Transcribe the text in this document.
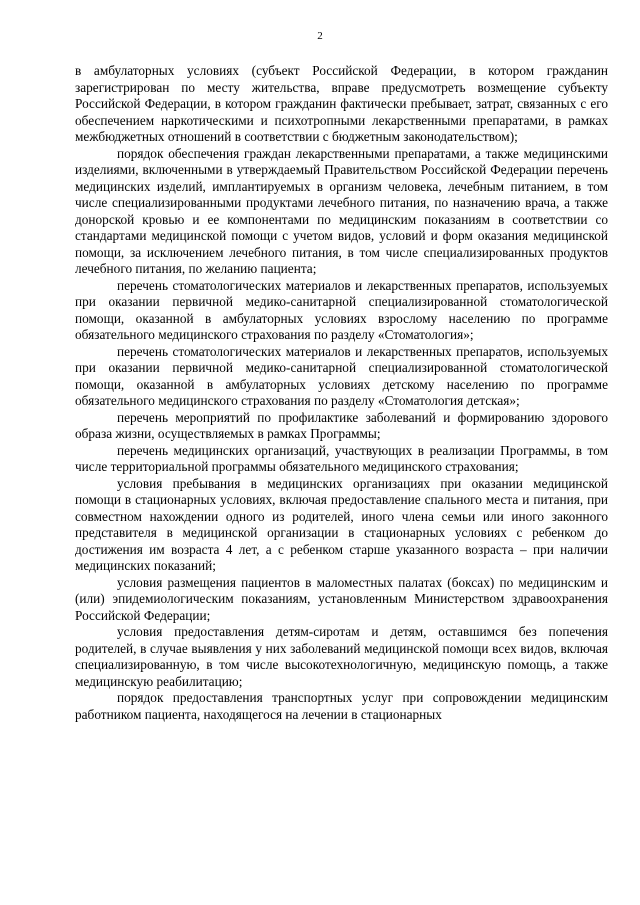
2

в амбулаторных условиях (субъект Российской Федерации, в котором гражданин зарегистрирован по месту жительства, вправе предусмотреть возмещение субъекту Российской Федерации, в котором гражданин фактически пребывает, затрат, связанных с его обеспечением наркотическими и психотропными лекарственными препаратами, в рамках межбюджетных отношений в соответствии с бюджетным законодательством);

порядок обеспечения граждан лекарственными препаратами, а также медицинскими изделиями, включенными в утверждаемый Правительством Российской Федерации перечень медицинских изделий, имплантируемых в организм человека, лечебным питанием, в том числе специализированными продуктами лечебного питания, по назначению врача, а также донорской кровью и ее компонентами по медицинским показаниям в соответствии со стандартами медицинской помощи с учетом видов, условий и форм оказания медицинской помощи, за исключением лечебного питания, в том числе специализированных продуктов лечебного питания, по желанию пациента;

перечень стоматологических материалов и лекарственных препаратов, используемых при оказании первичной медико-санитарной специализированной стоматологической помощи, оказанной в амбулаторных условиях взрослому населению по программе обязательного медицинского страхования по разделу «Стоматология»;

перечень стоматологических материалов и лекарственных препаратов, используемых при оказании первичной медико-санитарной специализированной стоматологической помощи, оказанной в амбулаторных условиях детскому населению по программе обязательного медицинского страхования по разделу «Стоматология детская»;

перечень мероприятий по профилактике заболеваний и формированию здорового образа жизни, осуществляемых в рамках Программы;

перечень медицинских организаций, участвующих в реализации Программы, в том числе территориальной программы обязательного медицинского страхования;

условия пребывания в медицинских организациях при оказании медицинской помощи в стационарных условиях, включая предоставление спального места и питания, при совместном нахождении одного из родителей, иного члена семьи или иного законного представителя в медицинской организации в стационарных условиях с ребенком до достижения им возраста 4 лет, а с ребенком старше указанного возраста – при наличии медицинских показаний;

условия размещения пациентов в маломестных палатах (боксах) по медицинским и (или) эпидемиологическим показаниям, установленным Министерством здравоохранения Российской Федерации;

условия предоставления детям-сиротам и детям, оставшимся без попечения родителей, в случае выявления у них заболеваний медицинской помощи всех видов, включая специализированную, в том числе высокотехнологичную, медицинскую помощь, а также медицинскую реабилитацию;

порядок предоставления транспортных услуг при сопровождении медицинским работником пациента, находящегося на лечении в стационарных
